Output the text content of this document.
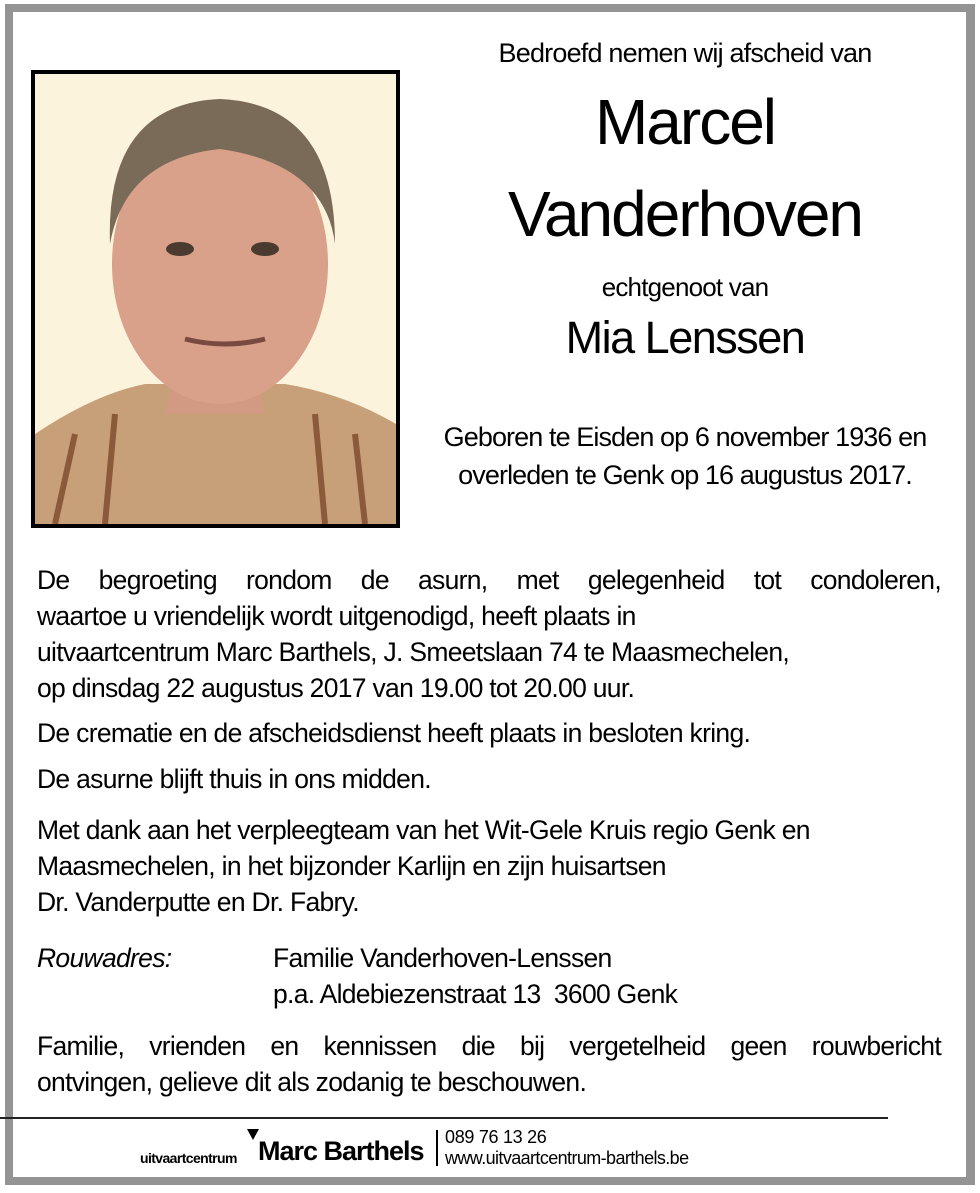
Bedroefd nemen wij afscheid van
Marcel
Vanderhoven
echtgenoot van
Mia Lenssen
Geboren te Eisden op 6 november 1936 en
overleden te Genk op 16 augustus 2017.
De begroeting rondom de asurn, met gelegenheid tot condoleren,
waartoe u vriendelijk wordt uitgenodigd, heeft plaats in
uitvaartcentrum Marc Barthels, J. Smeetslaan 74 te Maasmechelen,
op dinsdag 22 augustus 2017 van 19.00 tot 20.00 uur.
De crematie en de afscheidsdienst heeft plaats in besloten kring.
De asurne blijft thuis in ons midden.
Met dank aan het verpleegteam van het Wit-Gele Kruis regio Genk en
Maasmechelen, in het bijzonder Karlijn en zijn huisartsen
Dr. Vanderputte en Dr. Fabry.
Rouwadres:	Familie Vanderhoven-Lenssen
p.a. Aldebiezenstraat 13  3600 Genk
Familie, vrienden en kennissen die bij vergetelheid geen rouwbericht
ontvingen, gelieve dit als zodanig te beschouwen.
uitvaartcentrum Marc Barthels 089 76 13 26
www.uitvaartcentrum-barthels.be
